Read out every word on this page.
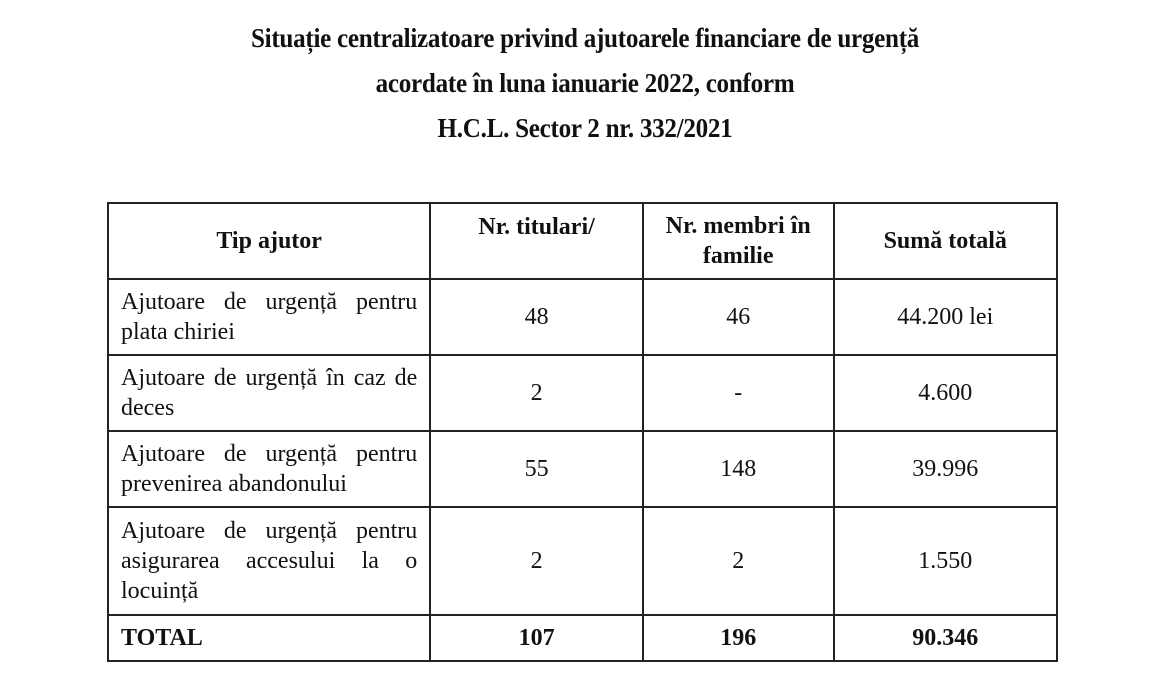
Situație centralizatoare privind ajutoarele financiare de urgență
acordate în luna ianuarie 2022, conform
H.C.L. Sector 2 nr. 332/2021
Tip ajutor	Nr. titulari/	Nr. membri în familie	Sumă totală
Ajutoare de urgență pentru plata chiriei	48	46	44.200 lei
Ajutoare de urgență în caz de deces	2	-	4.600
Ajutoare de urgență pentru prevenirea abandonului	55	148	39.996
Ajutoare de urgență pentru asigurarea accesului la o locuință	2	2	1.550
TOTAL	107	196	90.346
